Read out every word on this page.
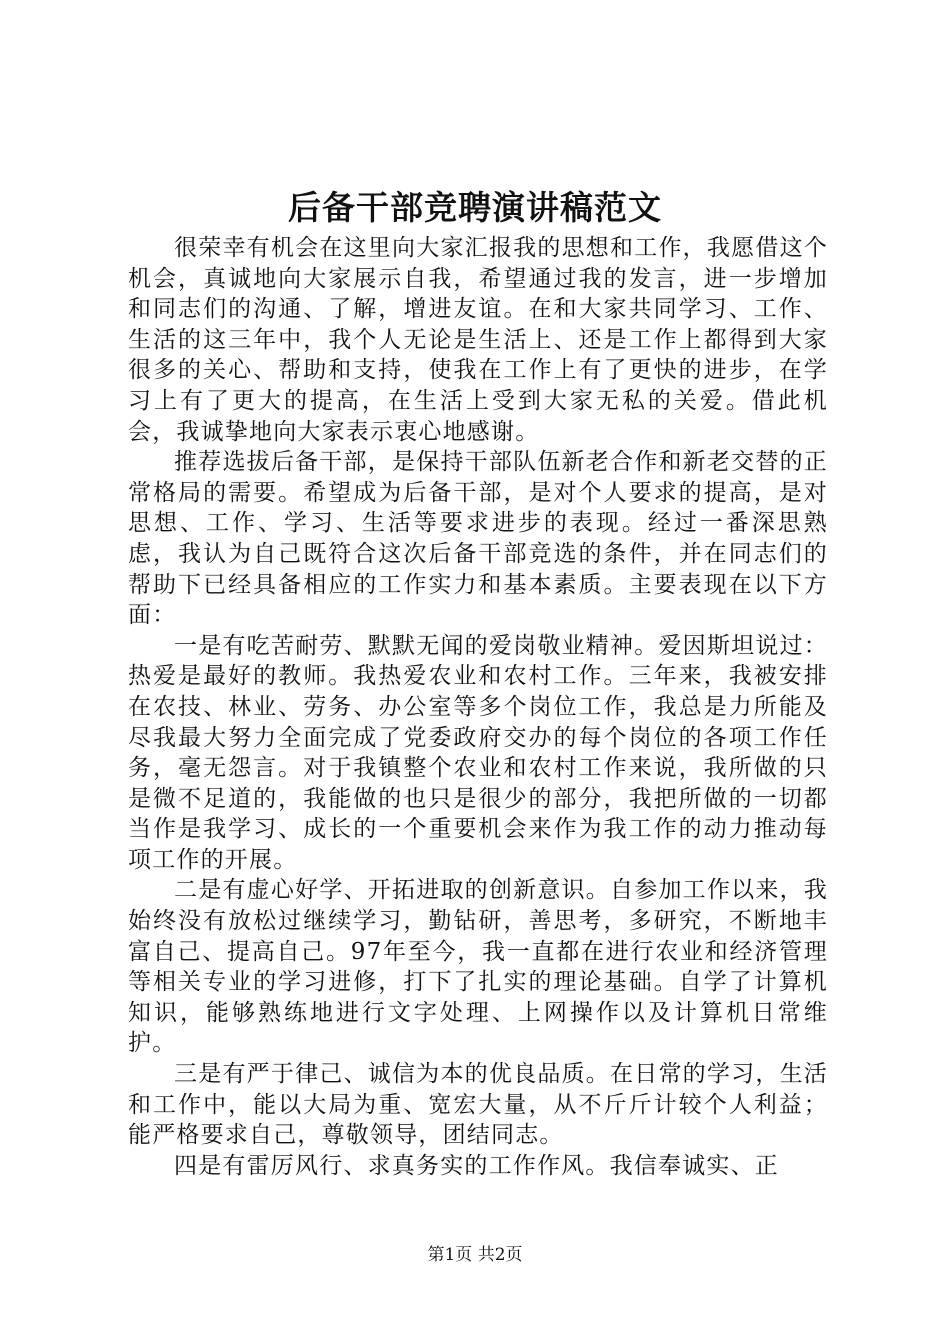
后备干部竞聘演讲稿范文

很荣幸有机会在这里向大家汇报我的思想和工作，我愿借这个机会，真诚地向大家展示自我，希望通过我的发言，进一步增加和同志们的沟通、了解，增进友谊。在和大家共同学习、工作、生活的这三年中，我个人无论是生活上、还是工作上都得到大家很多的关心、帮助和支持，使我在工作上有了更快的进步，在学习上有了更大的提高，在生活上受到大家无私的关爱。借此机会，我诚挚地向大家表示衷心地感谢。

推荐选拔后备干部，是保持干部队伍新老合作和新老交替的正常格局的需要。希望成为后备干部，是对个人要求的提高，是对思想、工作、学习、生活等要求进步的表现。经过一番深思熟虑，我认为自己既符合这次后备干部竞选的条件，并在同志们的帮助下已经具备相应的工作实力和基本素质。主要表现在以下方面：

一是有吃苦耐劳、默默无闻的爱岗敬业精神。爱因斯坦说过：热爱是最好的教师。我热爱农业和农村工作。三年来，我被安排在农技、林业、劳务、办公室等多个岗位工作，我总是力所能及尽我最大努力全面完成了党委政府交办的每个岗位的各项工作任务，毫无怨言。对于我镇整个农业和农村工作来说，我所做的只是微不足道的，我能做的也只是很少的部分，我把所做的一切都当作是我学习、成长的一个重要机会来作为我工作的动力推动每项工作的开展。

二是有虚心好学、开拓进取的创新意识。自参加工作以来，我始终没有放松过继续学习，勤钻研，善思考，多研究，不断地丰富自己、提高自己。97年至今，我一直都在进行农业和经济管理等相关专业的学习进修，打下了扎实的理论基础。自学了计算机知识，能够熟练地进行文字处理、上网操作以及计算机日常维护。

三是有严于律己、诚信为本的优良品质。在日常的学习，生活和工作中，能以大局为重、宽宏大量，从不斤斤计较个人利益；能严格要求自己，尊敬领导，团结同志。

四是有雷厉风行、求真务实的工作作风。我信奉诚实、正

第1页 共2页
